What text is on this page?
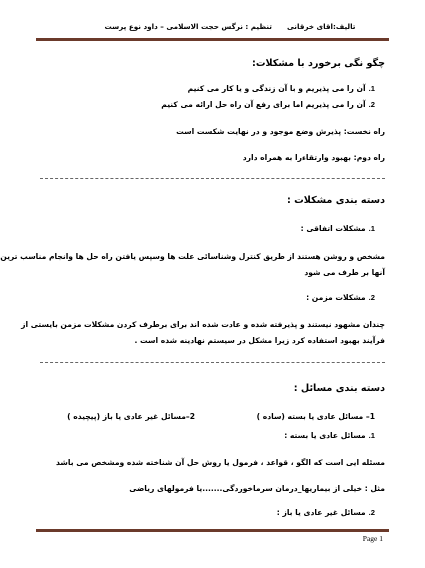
تالیف:اقای خرقانی      تنظیم : نرگس حجت الاسلامی – داود نوع پرست
چگو نگی برخورد با مشکلات:
1.آن را می پذیریم و با آن زندگی و یا کار می کنیم
2.آن را می پذیریم اما برای رفع آن راه حل ارائه می کنیم
راه نخست: پذیرش وضع موجود و در نهایت شکست است
راه دوم: بهبود وارتقاءرا به همراه دارد
دسته بندی مشکلات :
1.مشکلات اتفاقی :
مشخص و روشن هستند از طریق کنترل وشناسائی علت ها وسپس یافتن راه حل ها وانجام مناسب ترین
آنها بر طرف می شود
2.مشکلات مزمن :
چندان مشهود نیستند و پذیرفته شده و عادت شده اند برای برطرف کردن مشکلات مزمن بایستی از
فرآیند بهبود استفاده کرد زیرا مشکل در سیستم نهادینه شده است .
دسته بندی مسائل :
1– مسائل عادی یا بسته (ساده )
2–مسائل غیر عادی یا باز (پیچیده )
1.مسائل عادی یا بسته :
مسئله ایی است که الگو ، قواعد ، فرمول یا روش حل آن شناخته شده ومشخص می باشد
مثل : خیلی از بیماریها_درمان سرماخوردگی.......یا فرمولهای ریاضی
2.مسائل غیر عادی یا باز :
Page 1
